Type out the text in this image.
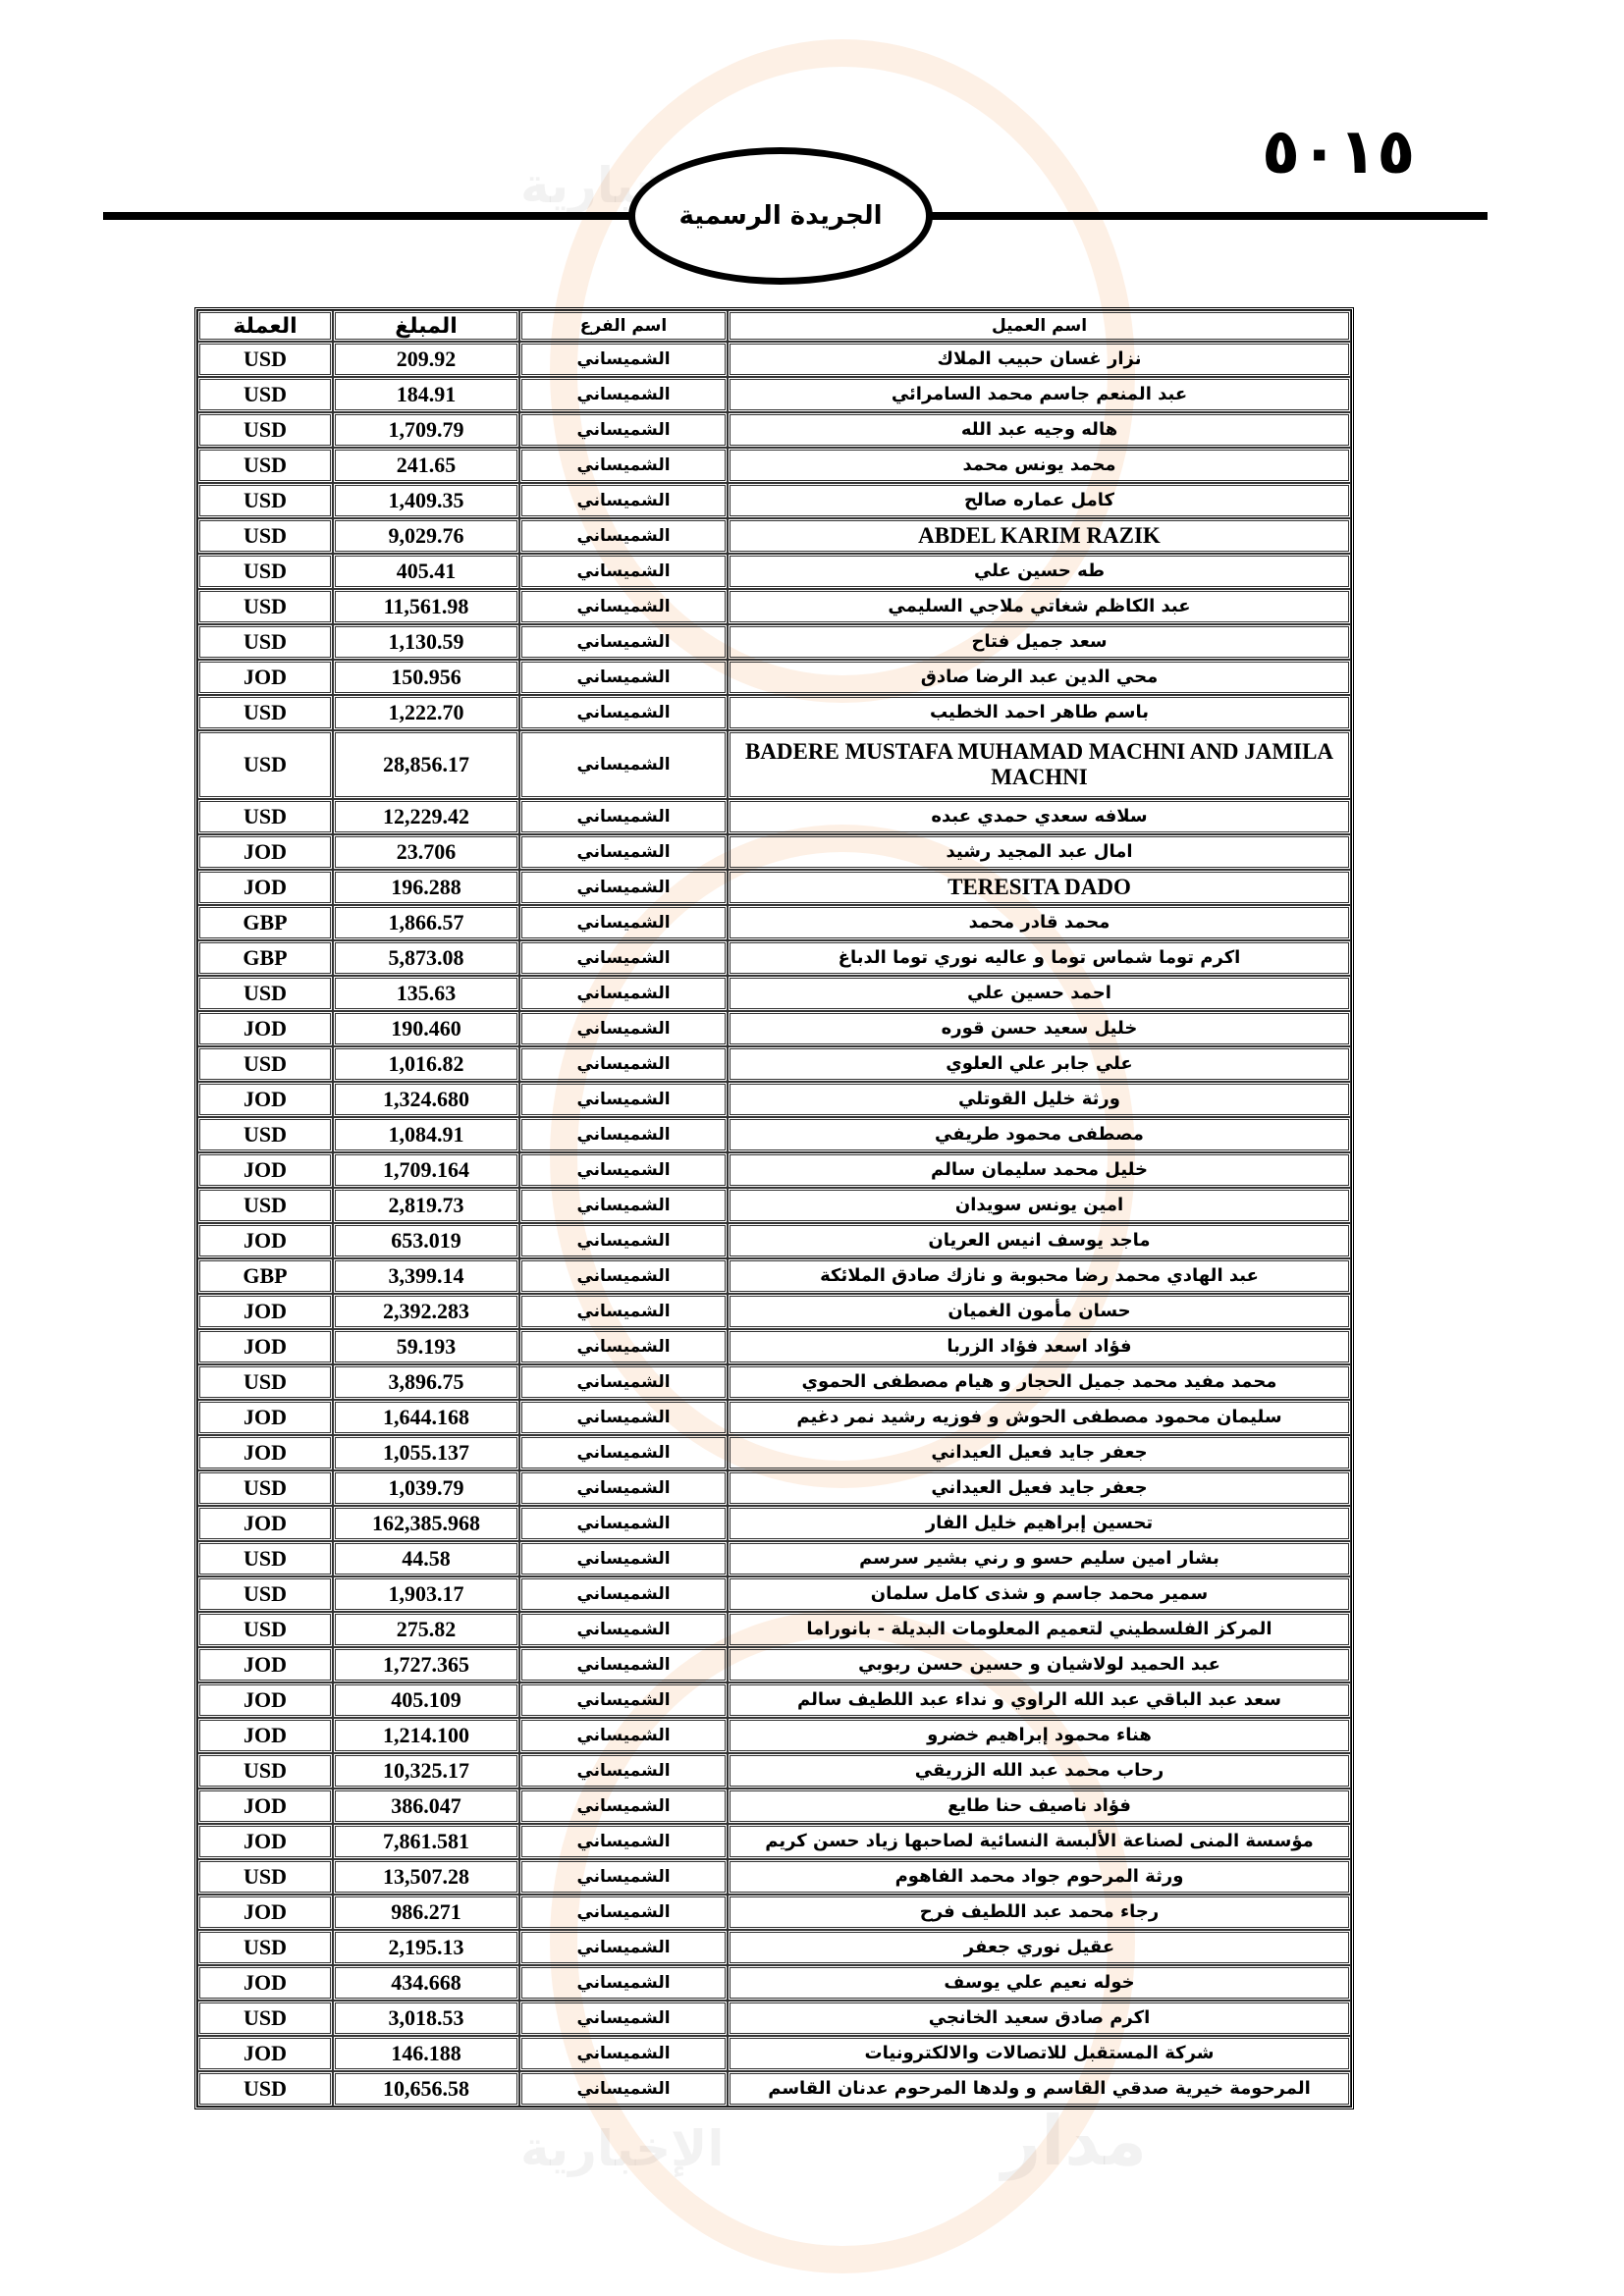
الإخبارية
الإخبارية	مدار
٥٠١٥
الجريدة الرسمية
العملة	المبلغ	اسم الفرع	اسم العميل
USD	209.92	الشميساني	نزار غسان حبيب الملاك
USD	184.91	الشميساني	عبد المنعم جاسم محمد السامرائي
USD	1,709.79	الشميساني	هاله وجيه عبد الله
USD	241.65	الشميساني	محمد يونس محمد
USD	1,409.35	الشميساني	كامل عماره صالح
USD	9,029.76	الشميساني	ABDEL KARIM RAZIK
USD	405.41	الشميساني	طه حسين علي
USD	11,561.98	الشميساني	عبد الكاظم شغاتي ملاجي السليمي
USD	1,130.59	الشميساني	سعد جميل فتاح
JOD	150.956	الشميساني	محي الدين عبد الرضا صادق
USD	1,222.70	الشميساني	باسم طاهر احمد الخطيب
USD	28,856.17	الشميساني	BADERE MUSTAFA MUHAMAD MACHNI AND JAMILA MACHNI
USD	12,229.42	الشميساني	سلافه سعدي حمدي عبده
JOD	23.706	الشميساني	امال عبد المجيد رشيد
JOD	196.288	الشميساني	TERESITA DADO
GBP	1,866.57	الشميساني	محمد قادر محمد
GBP	5,873.08	الشميساني	اكرم توما شماس توما و عاليه نوري توما الدباغ
USD	135.63	الشميساني	احمد حسين علي
JOD	190.460	الشميساني	خليل سعيد حسن قوره
USD	1,016.82	الشميساني	علي جابر علي العلوي
JOD	1,324.680	الشميساني	ورثة خليل القوتلي
USD	1,084.91	الشميساني	مصطفى محمود طريفي
JOD	1,709.164	الشميساني	خليل محمد سليمان سالم
USD	2,819.73	الشميساني	امين يونس سويدان
JOD	653.019	الشميساني	ماجد يوسف انيس العريان
GBP	3,399.14	الشميساني	عبد الهادي محمد رضا محبوبة و نازك صادق الملائكة
JOD	2,392.283	الشميساني	حسان مأمون الغميان
JOD	59.193	الشميساني	فؤاد اسعد فؤاد الزربا
USD	3,896.75	الشميساني	محمد مفيد محمد جميل الحجار و هيام مصطفى الحموي
JOD	1,644.168	الشميساني	سليمان محمود مصطفى الحوش و فوزيه رشيد نمر دغيم
JOD	1,055.137	الشميساني	جعفر جايد فعيل العيداني
USD	1,039.79	الشميساني	جعفر جايد فعيل العيداني
JOD	162,385.968	الشميساني	تحسين إبراهيم خليل الفار
USD	44.58	الشميساني	بشار امين سليم حسو و رني بشير سرسم
USD	1,903.17	الشميساني	سمير محمد جاسم و شذى كامل سلمان
USD	275.82	الشميساني	المركز الفلسطيني لتعميم المعلومات البديلة - بانوراما
JOD	1,727.365	الشميساني	عبد الحميد لولاشيان و حسين حسن ربوبي
JOD	405.109	الشميساني	سعد عبد الباقي عبد الله الراوي و نداء عبد اللطيف سالم
JOD	1,214.100	الشميساني	هناء محمود إبراهيم خضرو
USD	10,325.17	الشميساني	رحاب محمد عبد الله الزريقي
JOD	386.047	الشميساني	فؤاد ناصيف حنا طايع
JOD	7,861.581	الشميساني	مؤسسة المنى لصناعة الألبسة النسائية لصاحبها زياد حسن كريم
USD	13,507.28	الشميساني	ورثة المرحوم جواد محمد الفاهوم
JOD	986.271	الشميساني	رجاء محمد عبد اللطيف فرح
USD	2,195.13	الشميساني	عقيل نوري جعفر
JOD	434.668	الشميساني	خوله نعيم علي يوسف
USD	3,018.53	الشميساني	اكرم صادق سعيد الخانجي
JOD	146.188	الشميساني	شركة المستقبل للاتصالات والالكترونيات
USD	10,656.58	الشميساني	المرحومة خيرية صدقي القاسم و ولدها المرحوم عدنان القاسم
